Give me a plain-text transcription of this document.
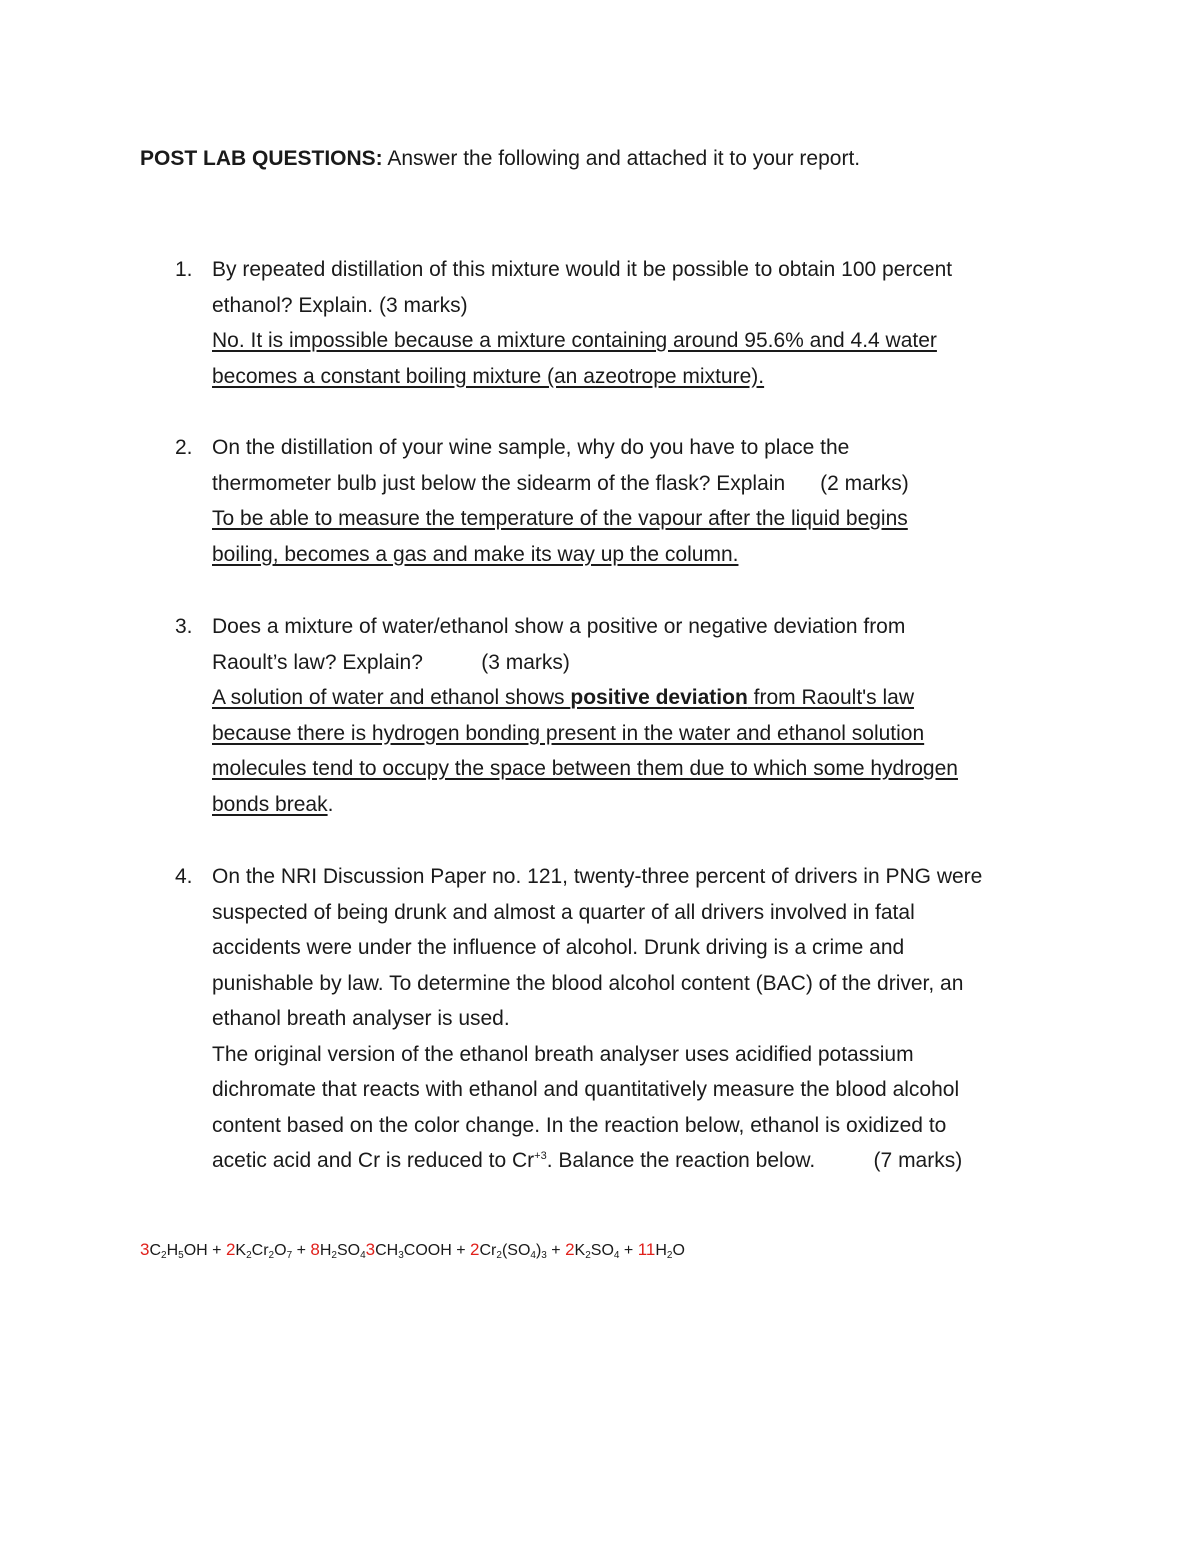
POST LAB QUESTIONS: Answer the following and attached it to your report.
1. By repeated distillation of this mixture would it be possible to obtain 100 percent
ethanol? Explain. (3 marks)
No. It is impossible because a mixture containing around 95.6% and 4.4 water
becomes a constant boiling mixture (an azeotrope mixture).
2. On the distillation of your wine sample, why do you have to place the
thermometer bulb just below the sidearm of the flask? Explain      (2 marks)
To be able to measure the temperature of the vapour after the liquid begins
boiling, becomes a gas and make its way up the column.
3. Does a mixture of water/ethanol show a positive or negative deviation from
Raoult’s law? Explain?          (3 marks)
A solution of water and ethanol shows positive deviation from Raoult's law
because there is hydrogen bonding present in the water and ethanol solution
molecules tend to occupy the space between them due to which some hydrogen
bonds break.
4. On the NRI Discussion Paper no. 121, twenty-three percent of drivers in PNG were
suspected of being drunk and almost a quarter of all drivers involved in fatal
accidents were under the influence of alcohol. Drunk driving is a crime and
punishable by law. To determine the blood alcohol content (BAC) of the driver, an
ethanol breath analyser is used.
The original version of the ethanol breath analyser uses acidified potassium
dichromate that reacts with ethanol and quantitatively measure the blood alcohol
content based on the color change. In the reaction below, ethanol is oxidized to
acetic acid and Cr is reduced to $Cr^{+3}$. Balance the reaction below.          (7 marks)
$3C_2H_5OH + 2K_2Cr_2O_7$ + $8H_2SO_43CH_3COOH + 2Cr_2(SO_4)_3 + 2K_2SO_4 + 11H_2O$
